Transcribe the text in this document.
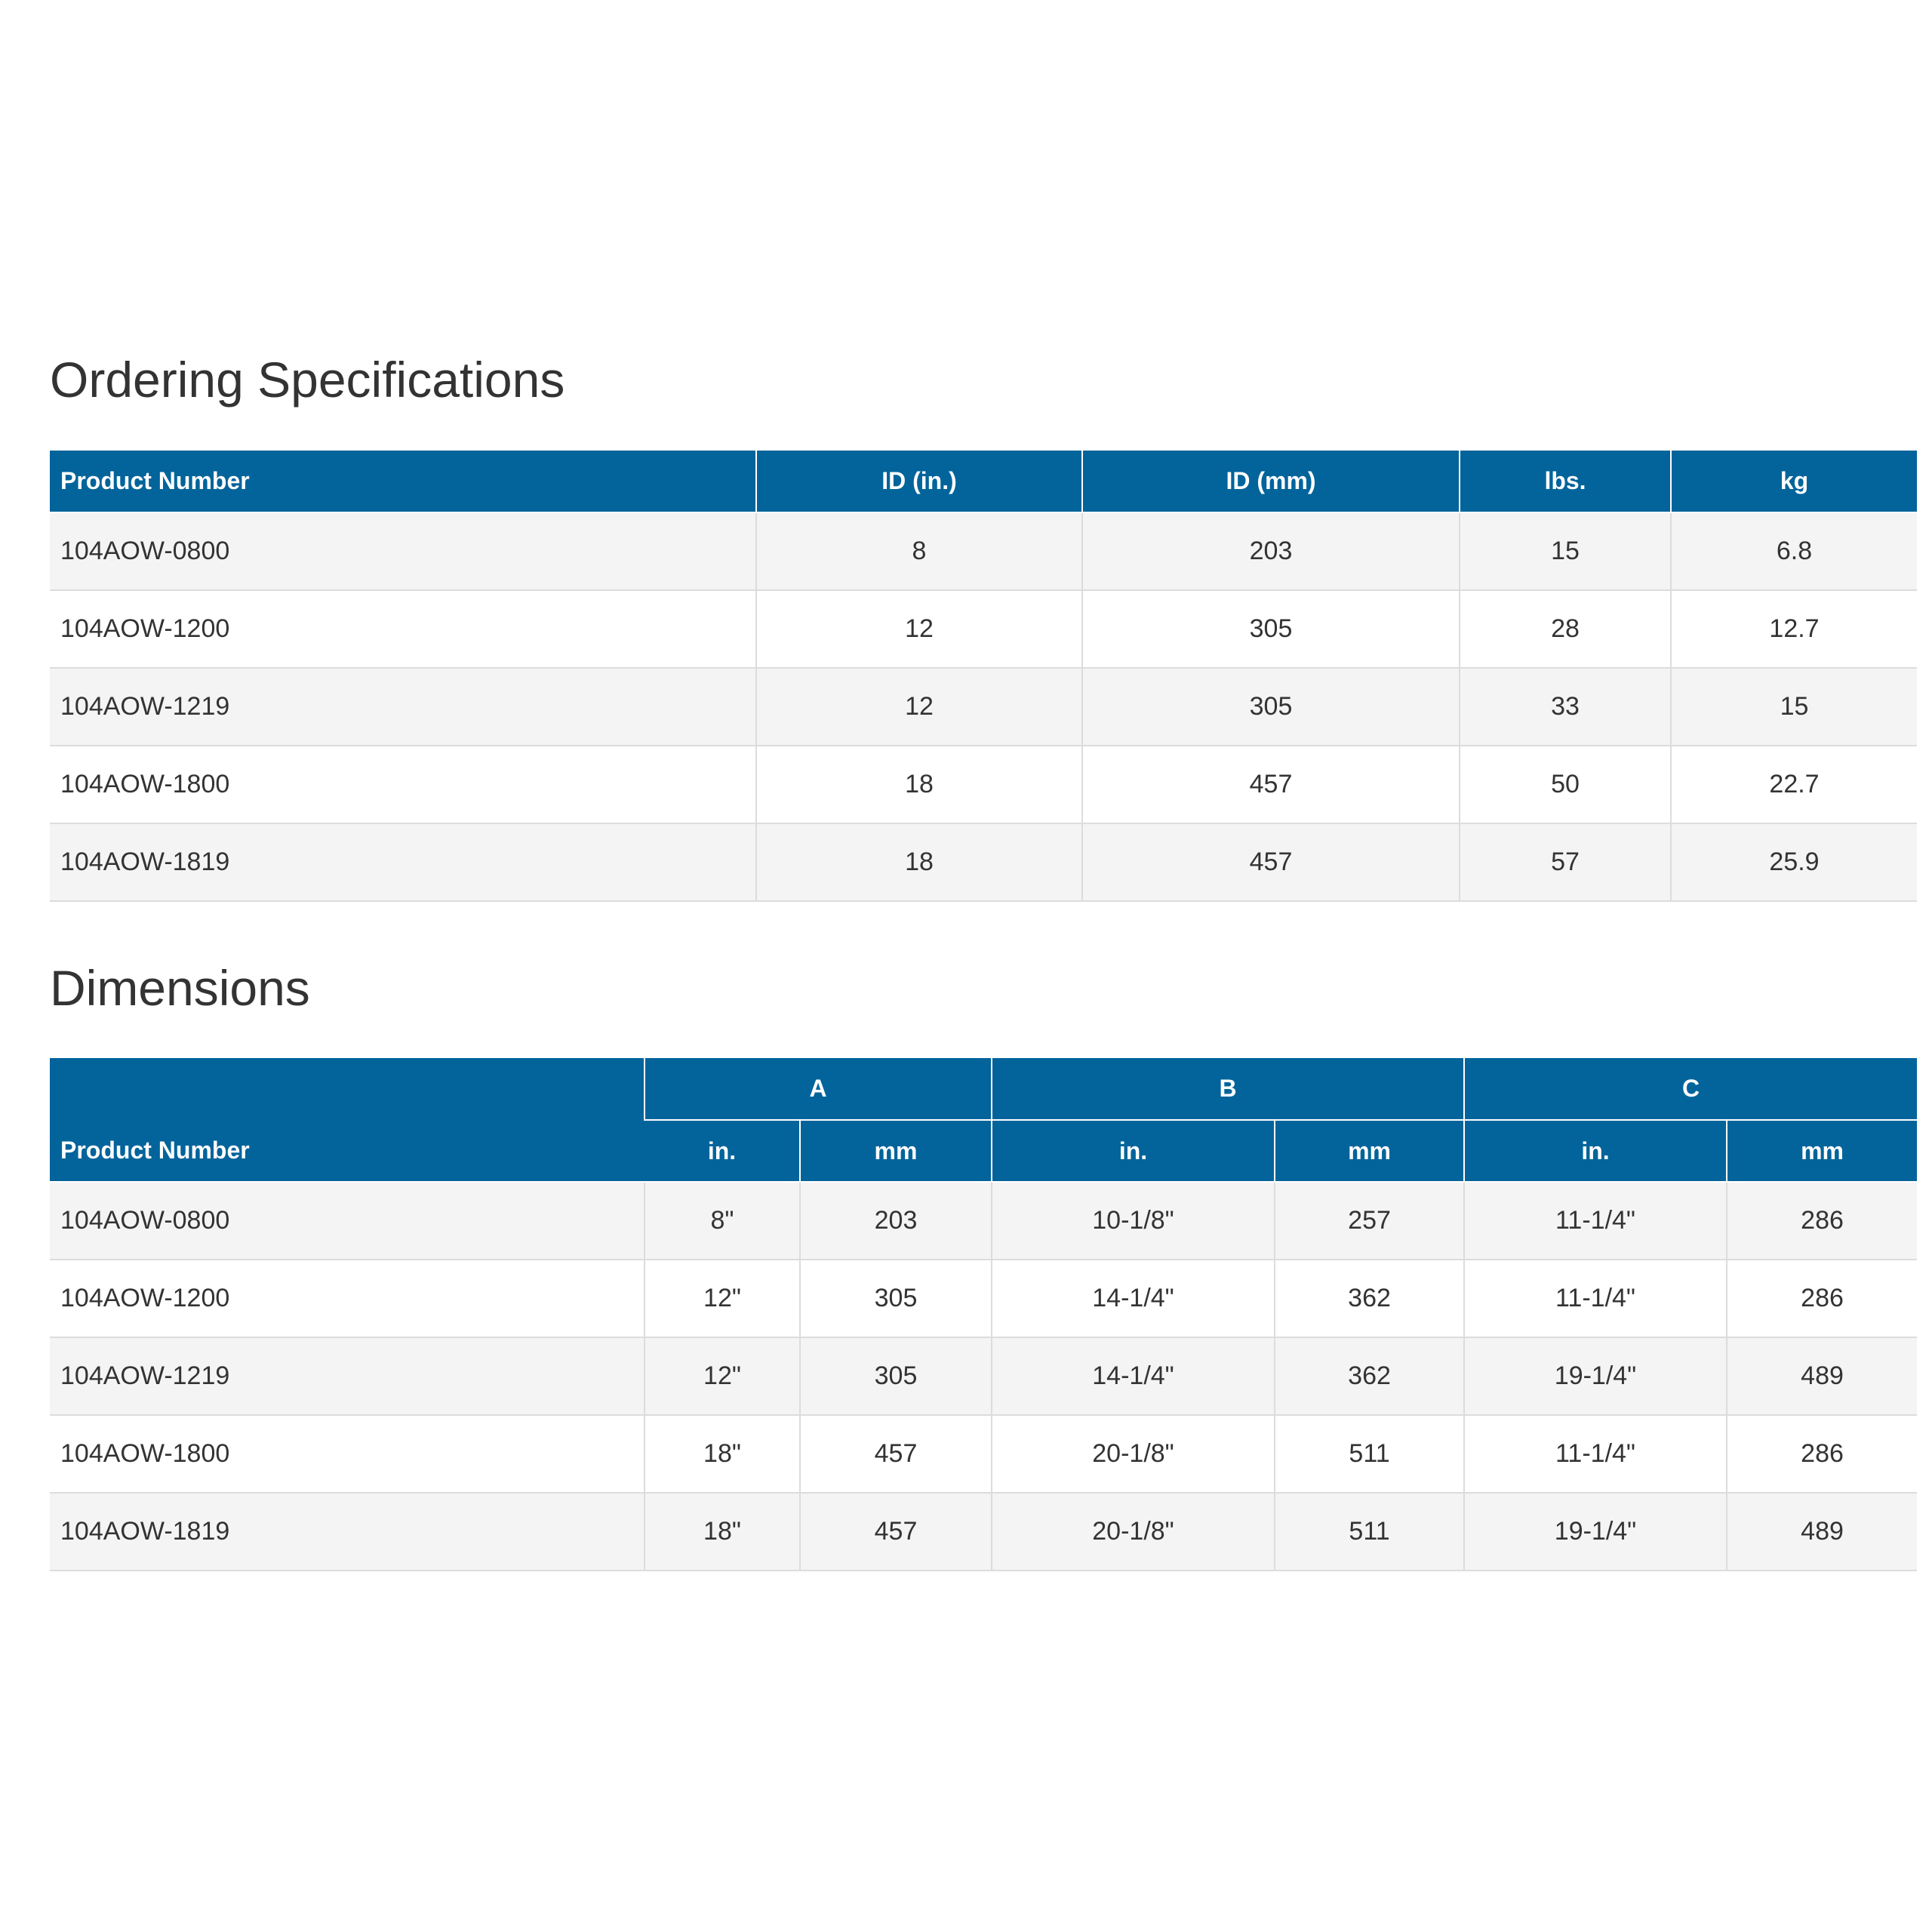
Ordering Specifications
Product Number	ID (in.)	ID (mm)	lbs.	kg
104AOW-0800	8	203	15	6.8
104AOW-1200	12	305	28	12.7
104AOW-1219	12	305	33	15
104AOW-1800	18	457	50	22.7
104AOW-1819	18	457	57	25.9
Dimensions
Product Number	A		B		C	
	in.	mm	in.	mm	in.	mm
104AOW-0800	8"	203	10-1/8"	257	11-1/4"	286
104AOW-1200	12"	305	14-1/4"	362	11-1/4"	286
104AOW-1219	12"	305	14-1/4"	362	19-1/4"	489
104AOW-1800	18"	457	20-1/8"	511	11-1/4"	286
104AOW-1819	18"	457	20-1/8"	511	19-1/4"	489
